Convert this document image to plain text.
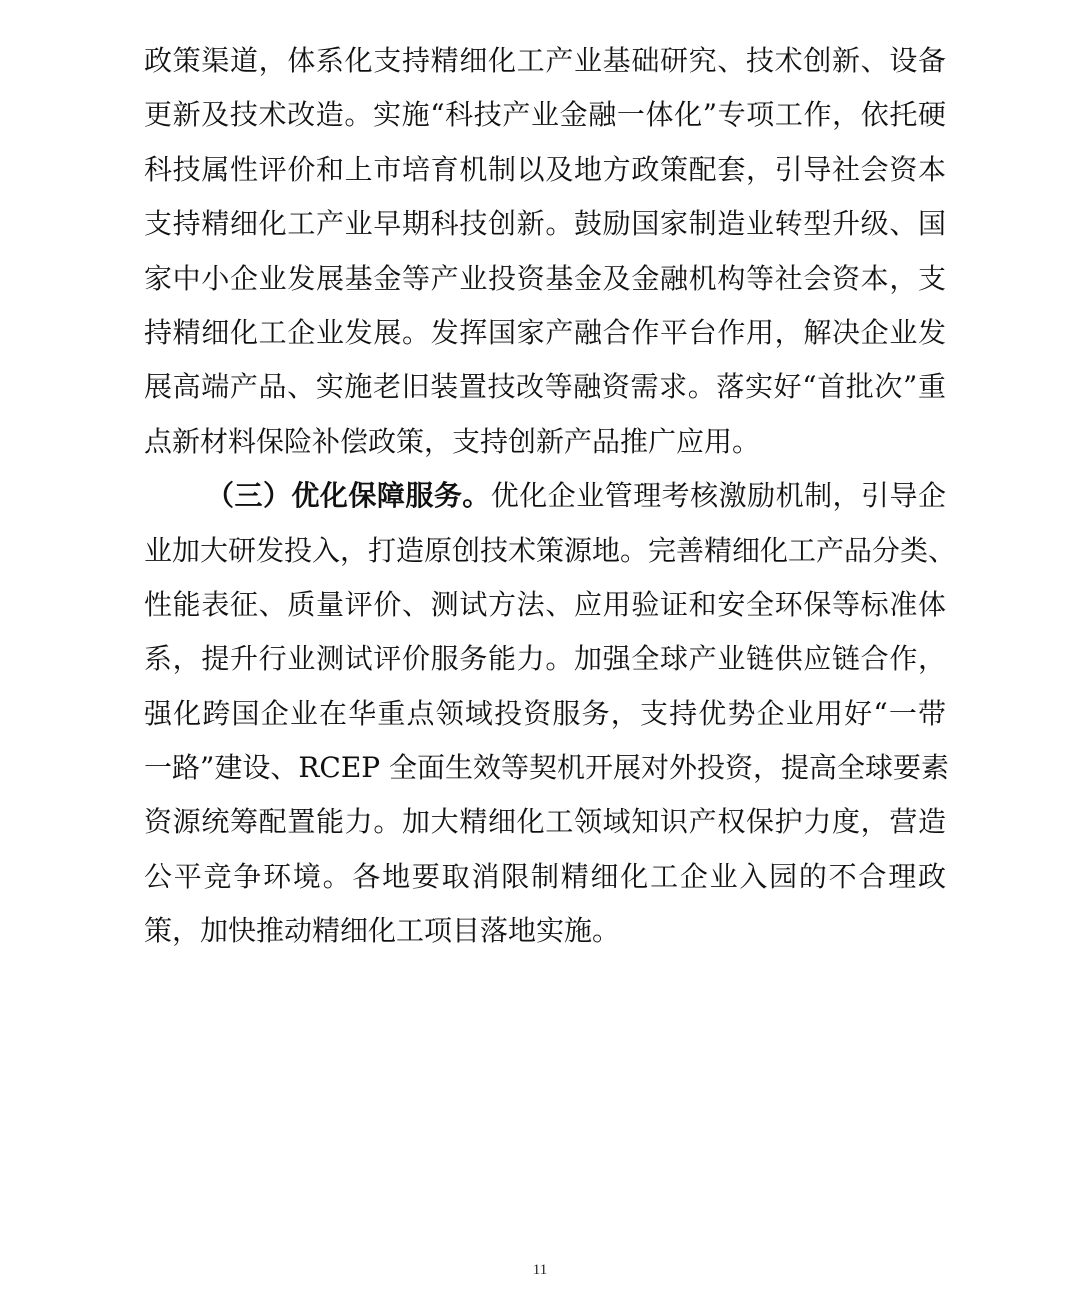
政策渠道，体系化支持精细化工产业基础研究、技术创新、设备
更新及技术改造。实施“科技产业金融一体化”专项工作，依托硬
科技属性评价和上市培育机制以及地方政策配套，引导社会资本
支持精细化工产业早期科技创新。鼓励国家制造业转型升级、国
家中小企业发展基金等产业投资基金及金融机构等社会资本，支
持精细化工企业发展。发挥国家产融合作平台作用，解决企业发
展高端产品、实施老旧装置技改等融资需求。落实好“首批次”重
点新材料保险补偿政策，支持创新产品推广应用。
（三）优化保障服务。优化企业管理考核激励机制，引导企
业加大研发投入，打造原创技术策源地。完善精细化工产品分类、
性能表征、质量评价、测试方法、应用验证和安全环保等标准体
系，提升行业测试评价服务能力。加强全球产业链供应链合作，
强化跨国企业在华重点领域投资服务，支持优势企业用好“一带
一路”建设、RCEP 全面生效等契机开展对外投资，提高全球要素
资源统筹配置能力。加大精细化工领域知识产权保护力度，营造
公平竞争环境。各地要取消限制精细化工企业入园的不合理政
策，加快推动精细化工项目落地实施。
11
